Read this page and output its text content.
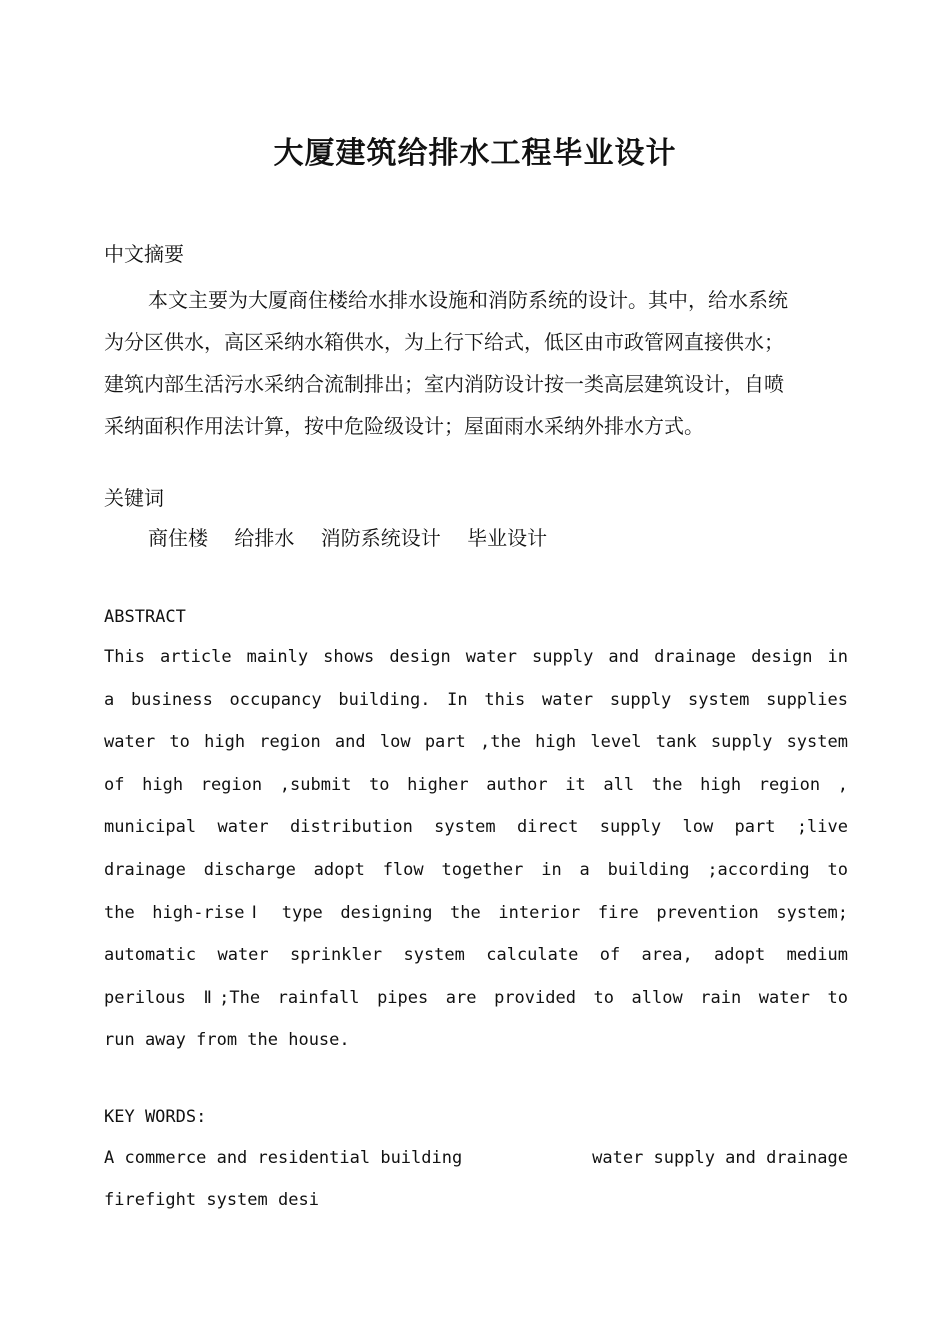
大厦建筑给排水工程毕业设计
中文摘要
本文主要为大厦商住楼给水排水设施和消防系统的设计。其中，给水系统
为分区供水，高区采纳水箱供水，为上行下给式，低区由市政管网直接供水；
建筑内部生活污水采纳合流制排出；室内消防设计按一类高层建筑设计，自喷
采纳面积作用法计算，按中危险级设计；屋面雨水采纳外排水方式。
关键词
商住楼 给排水 消防系统设计 毕业设计
ABSTRACT
This article mainly shows design water supply and drainage design in
a business occupancy building. In this water supply system supplies
water to high region and low part ,the high level tank supply system
of high region ,submit to higher author it all the high region ,
municipal water distribution system direct supply low part ;live
drainage discharge adopt flow together in a building ;according to
the high-riseⅠ type designing the interior fire prevention system;
automatic water sprinkler system calculate of area, adopt medium
perilous Ⅱ;The rainfall pipes are provided to allow rain water to
run away from the house.
KEY WORDS:
A commerce and residential building	water supply and drainage
firefight system desi
